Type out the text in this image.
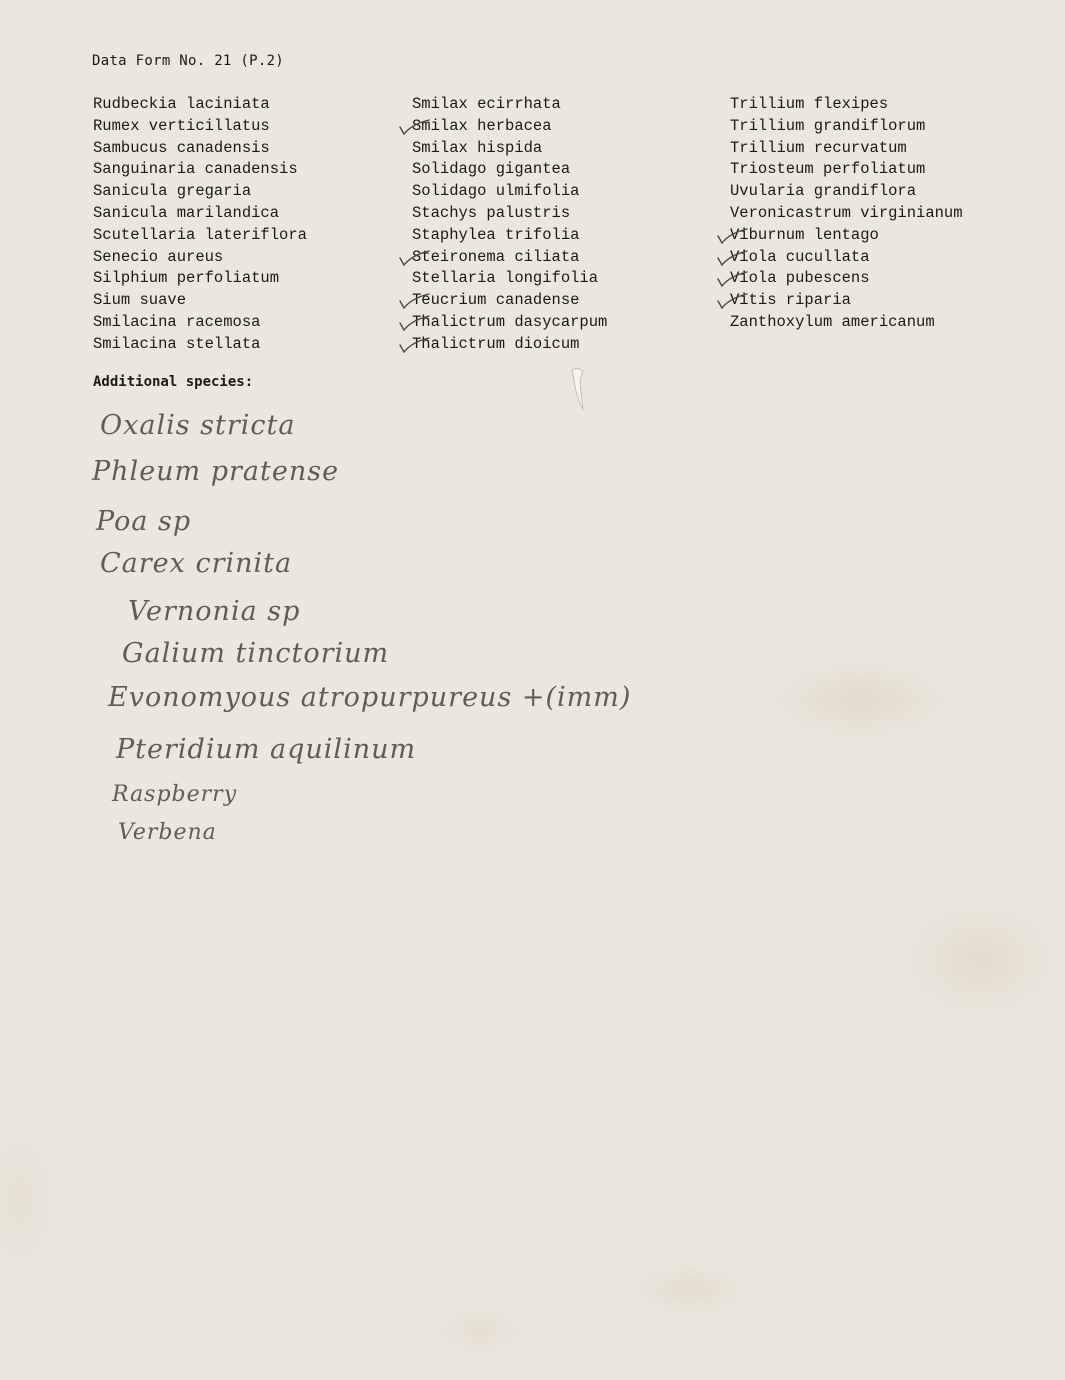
Data Form No. 21 (P.2)
Rudbeckia laciniata
Rumex verticillatus
Sambucus canadensis
Sanguinaria canadensis
Sanicula gregaria
Sanicula marilandica
Scutellaria lateriflora
Senecio aureus
Silphium perfoliatum
Sium suave
Smilacina racemosa
Smilacina stellata
Smilax ecirrhata
Smilax herbacea
Smilax hispida
Solidago gigantea
Solidago ulmifolia
Stachys palustris
Staphylea trifolia
Steironema ciliata
Stellaria longifolia
Teucrium canadense
Thalictrum dasycarpum
Thalictrum dioicum
Trillium flexipes
Trillium grandiflorum
Trillium recurvatum
Triosteum perfoliatum
Uvularia grandiflora
Veronicastrum virginianum
Viburnum lentago
Viola cucullata
Viola pubescens
Vitis riparia
Zanthoxylum americanum
Additional species:

Oxalis stricta

Phleum pratense

Poa sp

Carex crinita

Vernonia sp

Galium tinctorium

Evonomyous atropurpureus +(imm)

Pteridium aquilinum

Raspberry

Verbena
